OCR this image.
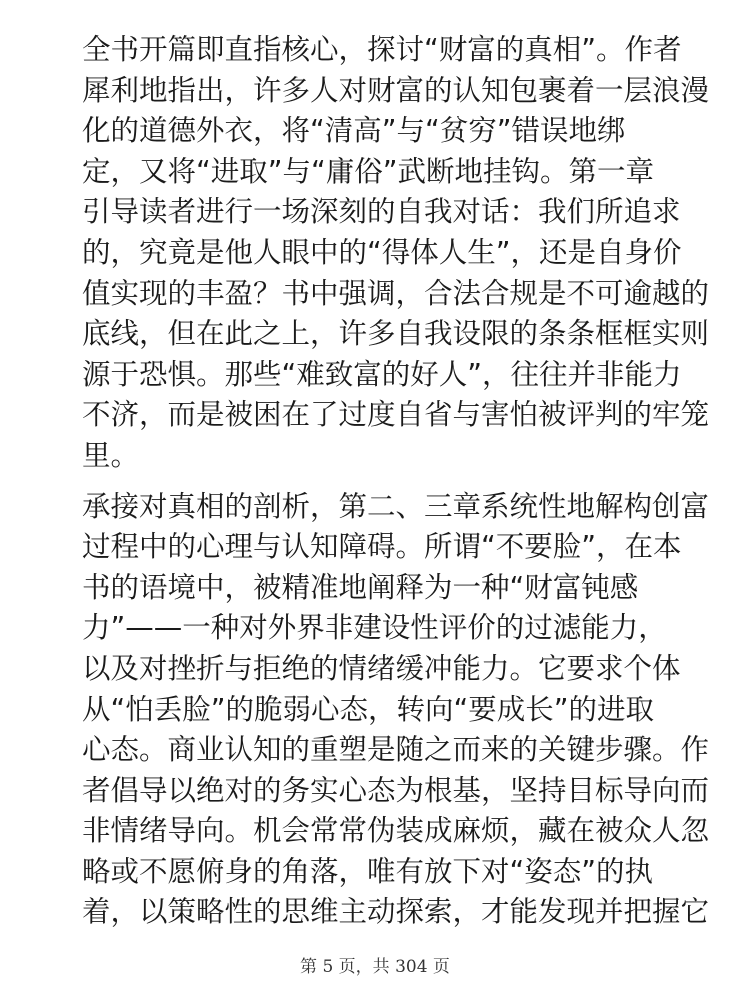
全书开篇即直指核心，探讨“财富的真相”。作者
犀利地指出，许多人对财富的认知包裹着一层浪漫
化的道德外衣，将“清高”与“贫穷”错误地绑
定，又将“进取”与“庸俗”武断地挂钩。第一章
引导读者进行一场深刻的自我对话：我们所追求
的，究竟是他人眼中的“得体人生”，还是自身价
值实现的丰盈？书中强调，合法合规是不可逾越的
底线，但在此之上，许多自我设限的条条框框实则
源于恐惧。那些“难致富的好人”，往往并非能力
不济，而是被困在了过度自省与害怕被评判的牢笼
里。
承接对真相的剖析，第二、三章系统性地解构创富
过程中的心理与认知障碍。所谓“不要脸”，在本
书的语境中，被精准地阐释为一种“财富钝感
力”——一种对外界非建设性评价的过滤能力，
以及对挫折与拒绝的情绪缓冲能力。它要求个体
从“怕丢脸”的脆弱心态，转向“要成长”的进取
心态。商业认知的重塑是随之而来的关键步骤。作
者倡导以绝对的务实心态为根基，坚持目标导向而
非情绪导向。机会常常伪装成麻烦，藏在被众人忽
略或不愿俯身的角落，唯有放下对“姿态”的执
着，以策略性的思维主动探索，才能发现并把握它
第 5 页，共 304 页
